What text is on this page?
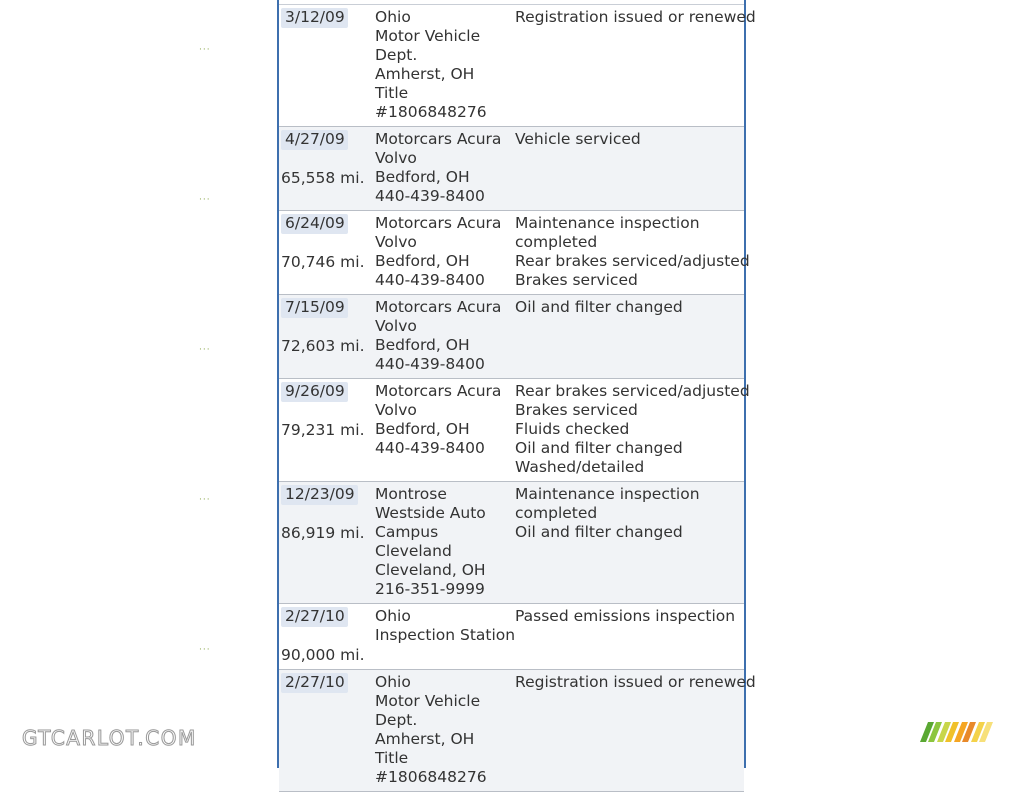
···
···
···
···
···
3/12/09	Ohio
Motor Vehicle
Dept.
Amherst, OH
Title
#1806848276
Registration issued or renewed
4/27/09
65,558 mi.
Motorcars Acura
Volvo
Bedford, OH
440-439-8400
Vehicle serviced
6/24/09
70,746 mi.
Motorcars Acura
Volvo
Bedford, OH
440-439-8400
Maintenance inspection
completed
Rear brakes serviced/adjusted
Brakes serviced
7/15/09
72,603 mi.
Motorcars Acura
Volvo
Bedford, OH
440-439-8400
Oil and filter changed
9/26/09
79,231 mi.
Motorcars Acura
Volvo
Bedford, OH
440-439-8400
Rear brakes serviced/adjusted
Brakes serviced
Fluids checked
Oil and filter changed
Washed/detailed
12/23/09
86,919 mi.
Montrose
Westside Auto
Campus
Cleveland
Cleveland, OH
216-351-9999
Maintenance inspection
completed
Oil and filter changed
2/27/10
90,000 mi.
Ohio
Inspection Station
Passed emissions inspection
2/27/10	Ohio
Motor Vehicle
Dept.
Amherst, OH
Title
#1806848276
Registration issued or renewed
GTCARLOT.COM
